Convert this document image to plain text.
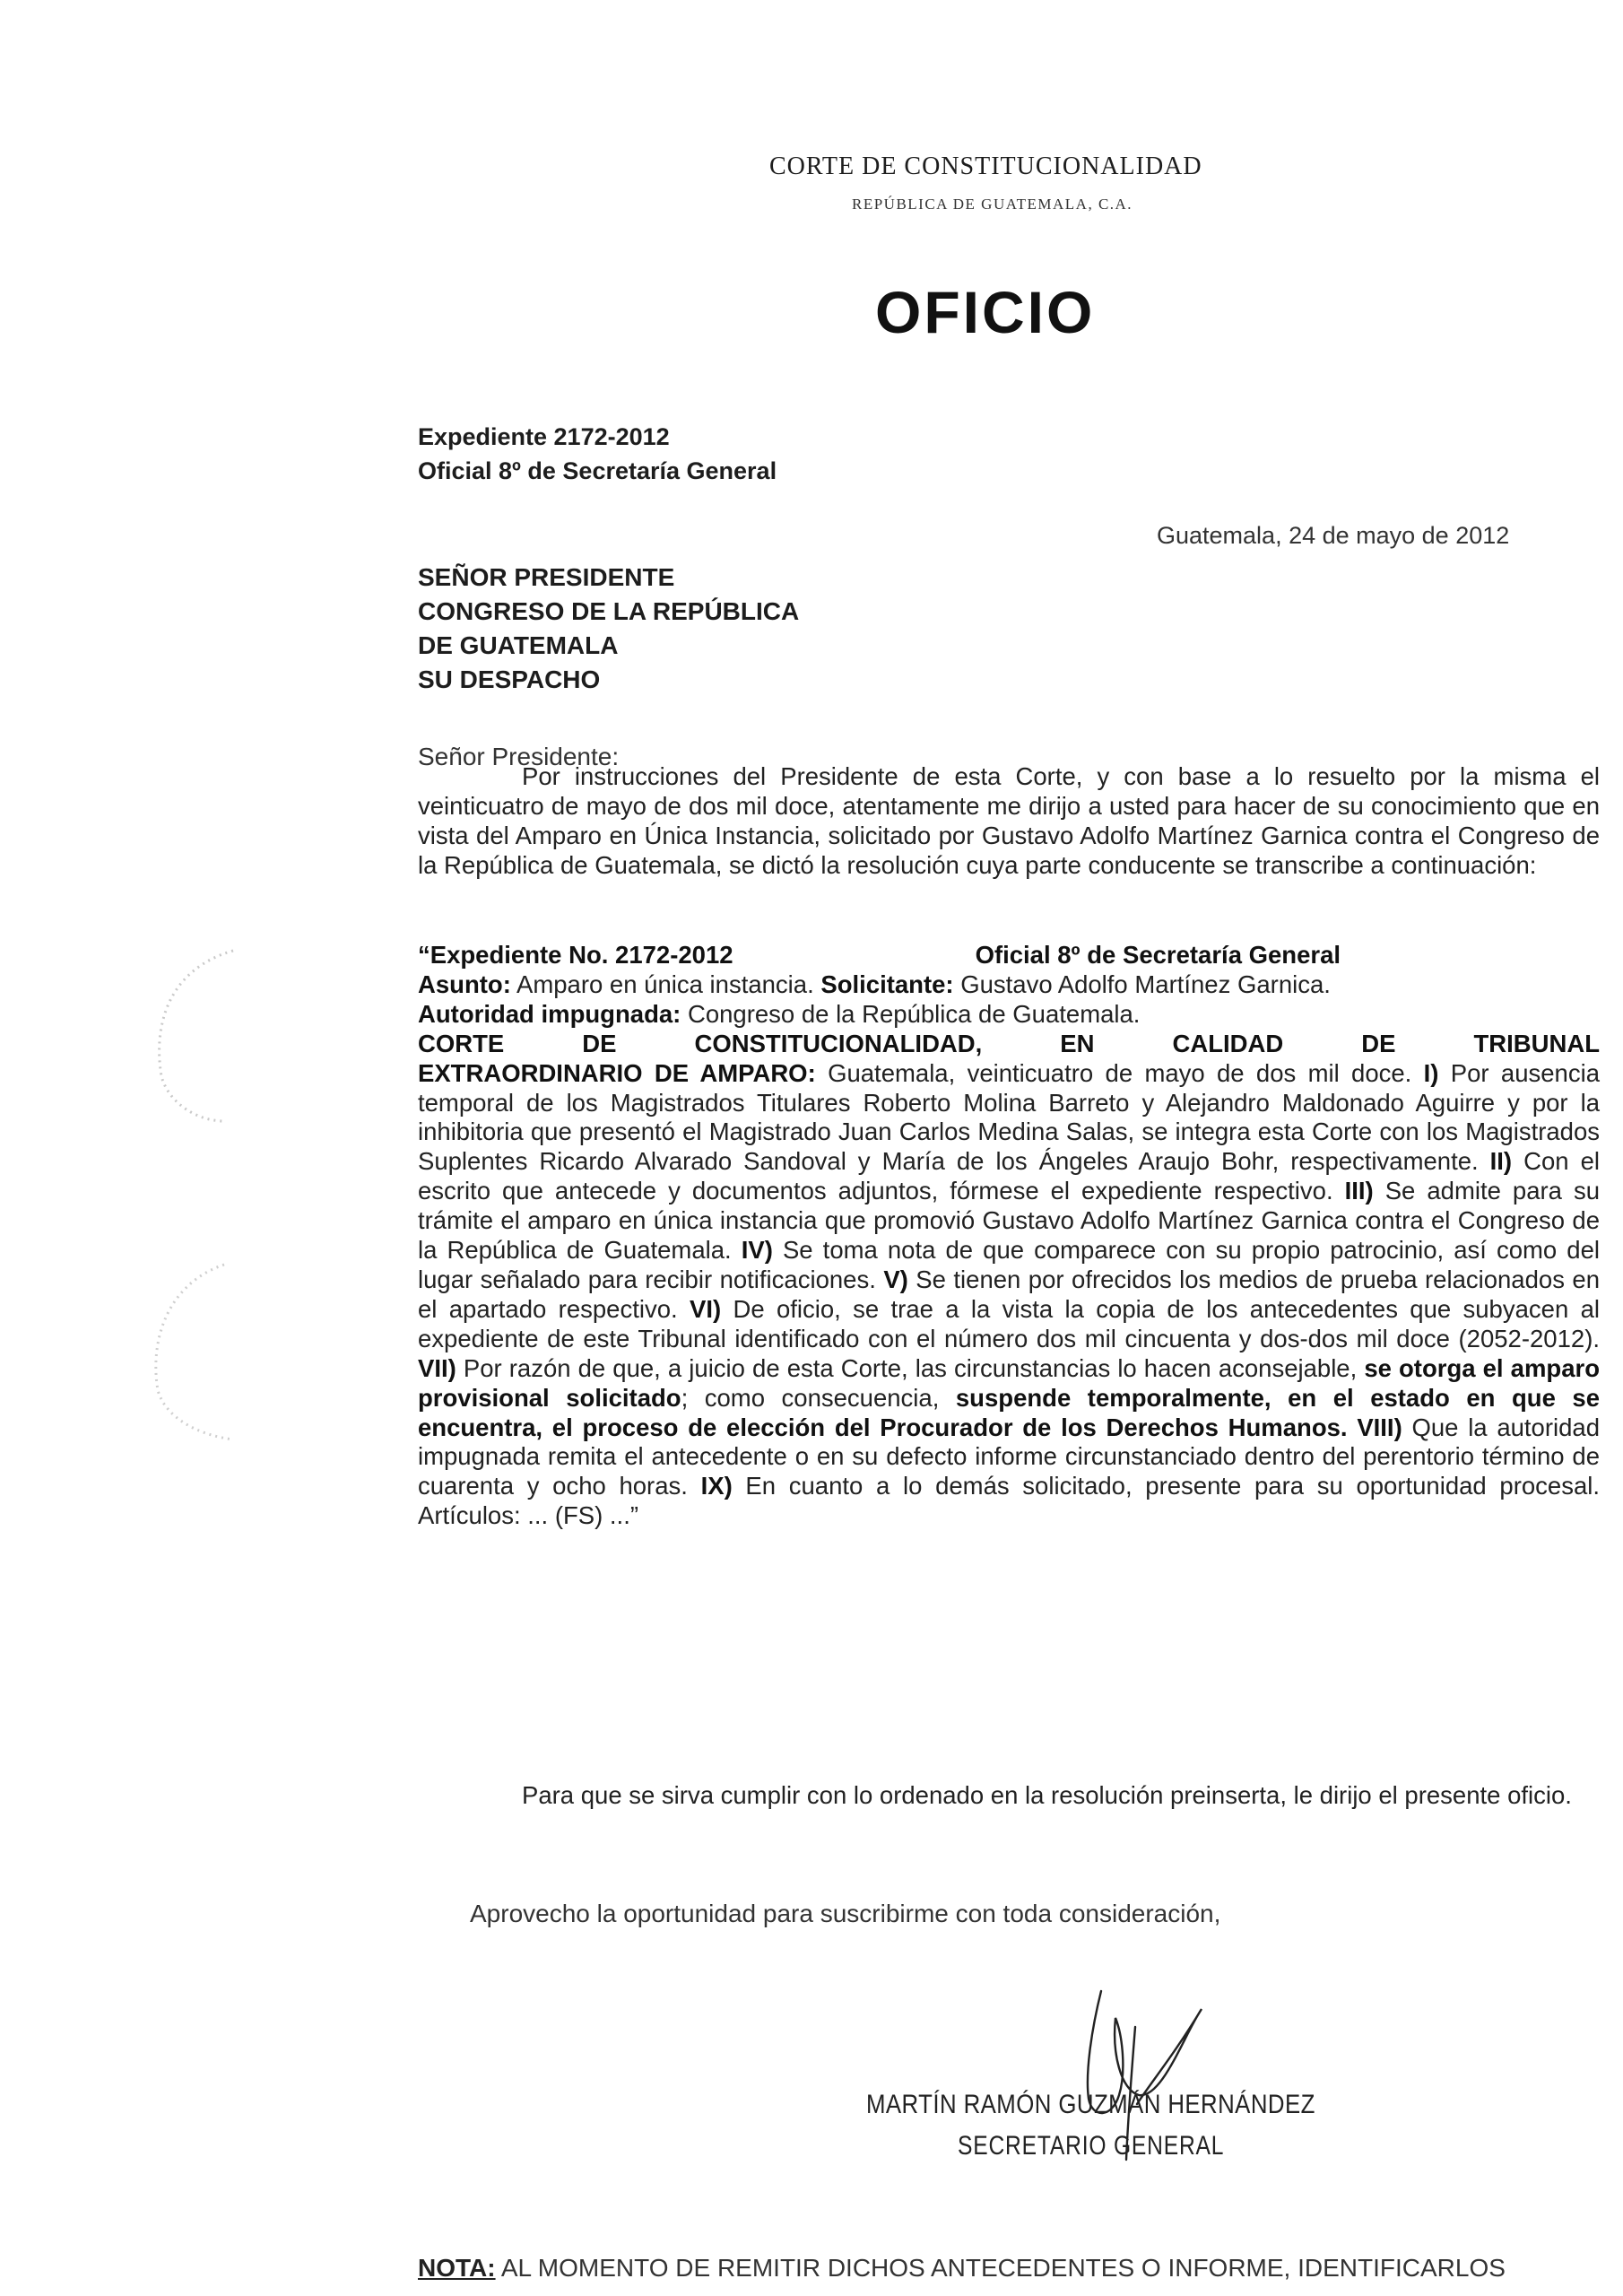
CORTE DE CONSTITUCIONALIDAD
REPÚBLICA DE GUATEMALA, C.A.
OFICIO
Expediente 2172-2012
Oficial 8º de Secretaría General
Guatemala, 24 de mayo de 2012
SEÑOR PRESIDENTE
CONGRESO DE LA REPÚBLICA
DE GUATEMALA
SU DESPACHO
Señor Presidente:

Por instrucciones del Presidente de esta Corte, y con base a lo resuelto por la misma el veinticuatro de mayo de dos mil doce, atentamente me dirijo a usted para hacer de su conocimiento que en vista del Amparo en Única Instancia, solicitado por Gustavo Adolfo Martínez Garnica contra el Congreso de la República de Guatemala, se dictó la resolución cuya parte conducente se transcribe a continuación:

“Expediente No. 2172-2012	Oficial 8º de Secretaría General
Asunto: Amparo en única instancia. Solicitante: Gustavo Adolfo Martínez Garnica.
Autoridad impugnada: Congreso de la República de Guatemala.

CORTE DE CONSTITUCIONALIDAD, EN CALIDAD DE TRIBUNAL
EXTRAORDINARIO DE AMPARO: Guatemala, veinticuatro de mayo de dos mil doce. I) Por ausencia temporal de los Magistrados Titulares Roberto Molina Barreto y Alejandro Maldonado Aguirre y por la inhibitoria que presentó el Magistrado Juan Carlos Medina Salas, se integra esta Corte con los Magistrados Suplentes Ricardo Alvarado Sandoval y María de los Ángeles Araujo Bohr, respectivamente. II) Con el escrito que antecede y documentos adjuntos, fórmese el expediente respectivo. III) Se admite para su trámite el amparo en única instancia que promovió Gustavo Adolfo Martínez Garnica contra el Congreso de la República de Guatemala. IV) Se toma nota de que comparece con su propio patrocinio, así como del lugar señalado para recibir notificaciones. V) Se tienen por ofrecidos los medios de prueba relacionados en el apartado respectivo. VI) De oficio, se trae a la vista la copia de los antecedentes que subyacen al expediente de este Tribunal identificado con el número dos mil cincuenta y dos-dos mil doce (2052-2012). VII) Por razón de que, a juicio de esta Corte, las circunstancias lo hacen aconsejable, se otorga el amparo provisional solicitado; como consecuencia, suspende temporalmente, en el estado en que se encuentra, el proceso de elección del Procurador de los Derechos Humanos. VIII) Que la autoridad impugnada remita el antecedente o en su defecto informe circunstanciado dentro del perentorio término de cuarenta y ocho horas. IX) En cuanto a lo demás solicitado, presente para su oportunidad procesal. Artículos: ... (FS) ...”

Para que se sirva cumplir con lo ordenado en la resolución preinserta, le dirijo el presente oficio.

Aprovecho la oportunidad para suscribirme con toda consideración,
MARTÍN RAMÓN GUZMÁN HERNÁNDEZ
SECRETARIO GENERAL
NOTA: AL MOMENTO DE REMITIR DICHOS ANTECEDENTES O INFORME, IDENTIFICARLOS
